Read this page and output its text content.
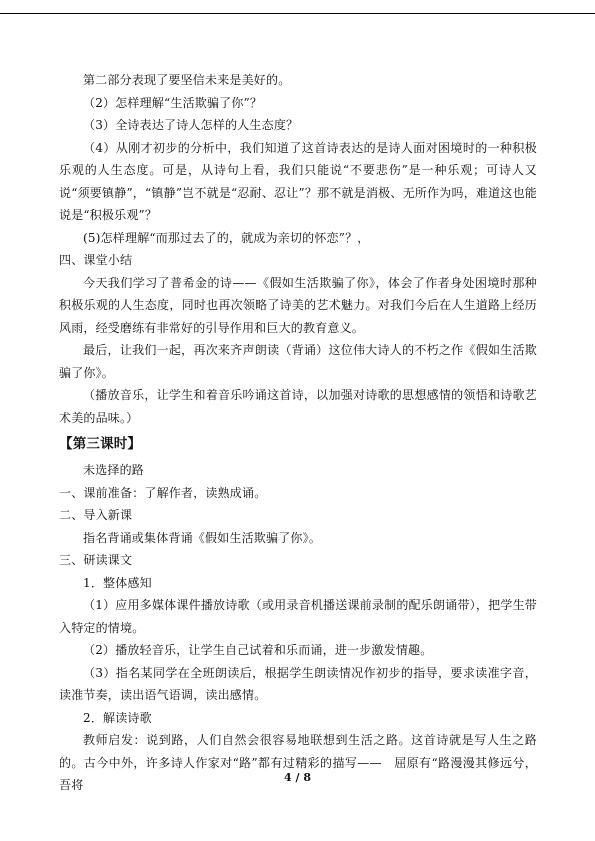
第二部分表现了要坚信未来是美好的。

（2）怎样理解“生活欺骗了你”？

（3）全诗表达了诗人怎样的人生态度？

（4）从刚才初步的分析中，我们知道了这首诗表达的是诗人面对困境时的一种积极乐观的人生态度。可是，从诗句上看，我们只能说“不要悲伤”是一种乐观；可诗人又说“须要镇静”，“镇静”岂不就是“忍耐、忍让”？那不就是消极、无所作为吗，难道这也能说是“积极乐观”？

(5)怎样理解“而那过去了的，就成为亲切的怀恋”？，

四、课堂小结

今天我们学习了普希金的诗——《假如生活欺骗了你》，体会了作者身处困境时那种积极乐观的人生态度，同时也再次领略了诗美的艺术魅力。对我们今后在人生道路上经历风雨，经受磨练有非常好的引导作用和巨大的教育意义。

最后，让我们一起，再次来齐声朗读（背诵）这位伟大诗人的不朽之作《假如生活欺骗了你》。

（播放音乐，让学生和着音乐吟诵这首诗，以加强对诗歌的思想感情的领悟和诗歌艺术美的品味。）

【第三课时】

未选择的路

一、课前准备：了解作者，读熟成诵。

二、导入新课

指名背诵或集体背诵《假如生活欺骗了你》。

三、研读课文

1．整体感知

（1）应用多媒体课件播放诗歌（或用录音机播送课前录制的配乐朗诵带），把学生带入特定的情境。

（2）播放轻音乐，让学生自己试着和乐而诵，进一步激发情趣。

（3）指名某同学在全班朗读后，根据学生朗读情况作初步的指导，要求读准字音，读准节奏，读出语气语调，读出感情。

2．解读诗歌

教师启发：说到路，人们自然会很容易地联想到生活之路。这首诗就是写人生之路的。古今中外，许多诗人作家对“路”都有过精彩的描写——　屈原有“路漫漫其修远兮，吾将

4 / 8
